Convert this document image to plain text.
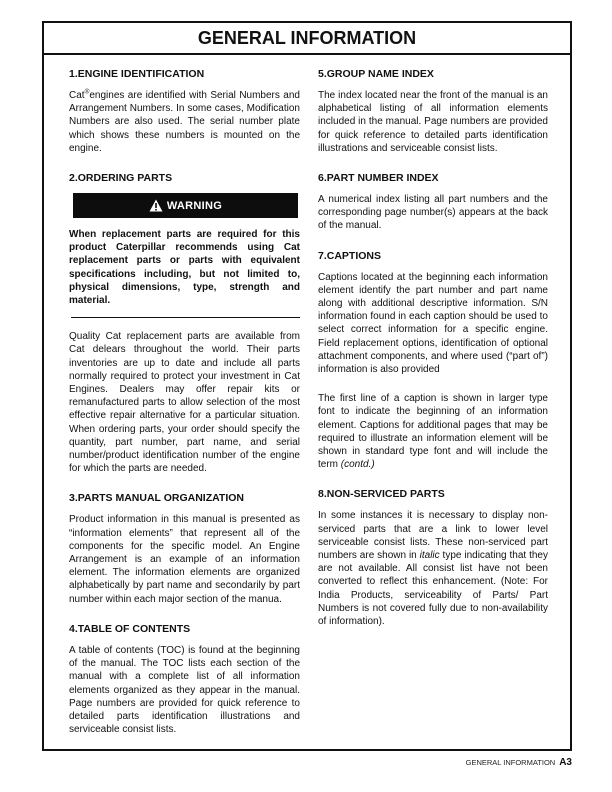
GENERAL INFORMATION
1.ENGINE IDENTIFICATION

Cat®engines are identified with Serial Numbers and Arrangement Numbers. In some cases, Modification Numbers are also used. The serial number plate which shows these numbers is mounted on the engine.

2.ORDERING PARTS
WARNING

When replacement parts are required for this product Caterpillar recommends using Cat replacement parts or parts with equivalent specifications including, but not limited to, physical dimensions, type, strength and material.

Quality Cat replacement parts are available from Cat delears throughout the world. Their parts inventories are up to date and include all parts normally required to protect your investment in Cat Engines. Dealers may offer repair kits or remanufactured parts to allow selection of the most effective repair alternative for a particular situation. When ordering parts, your order should specify the quantity, part number, part name, and serial number/product identification number of the engine for which the parts are needed.

3.PARTS MANUAL ORGANIZATION

Product information in this manual is presented as “information elements” that represent all of the components for the specific model. An Engine Arrangement is an example of an information element. The information elements are organized alphabetically by part name and secondarily by part number within each major section of the manua.

4.TABLE OF CONTENTS

A table of contents (TOC) is found at the beginning of the manual. The TOC lists each section of the manual with a complete list of all information elements organized as they appear in the manual. Page numbers are provided for quick reference to detailed parts identification illustrations and serviceable consist lists.

5.GROUP NAME INDEX

The index located near the front of the manual is an alphabetical listing of all information elements included in the manual. Page numbers are provided for quick reference to detailed parts identification illustrations and serviceable consist lists.

6.PART NUMBER INDEX

A numerical index listing all part numbers and the corresponding page number(s) appears at the back of the manual.

7.CAPTIONS

Captions located at the beginning each information element identify the part number and part name along with additional descriptive information. S/N information found in each caption should be used to select correct information for a specific engine. Field replacement options, identification of optional attachment components, and where used (“part of”) information is also provided

The first line of a caption is shown in larger type font to indicate the beginning of an information element. Captions for additional pages that may be required to illustrate an information element will be shown in standard type font and will include the term (contd.)

8.NON-SERVICED PARTS

In some instances it is necessary to display non-serviced parts that are a link to lower level serviceable consist lists. These non-serviced part numbers are shown in italic type indicating that they are not available. All consist list have not been converted to reflect this enhancement. (Note: For India Products, serviceability of Parts/ Part Numbers is not covered fully due to non-availability of information).

GENERAL INFORMATION A3
